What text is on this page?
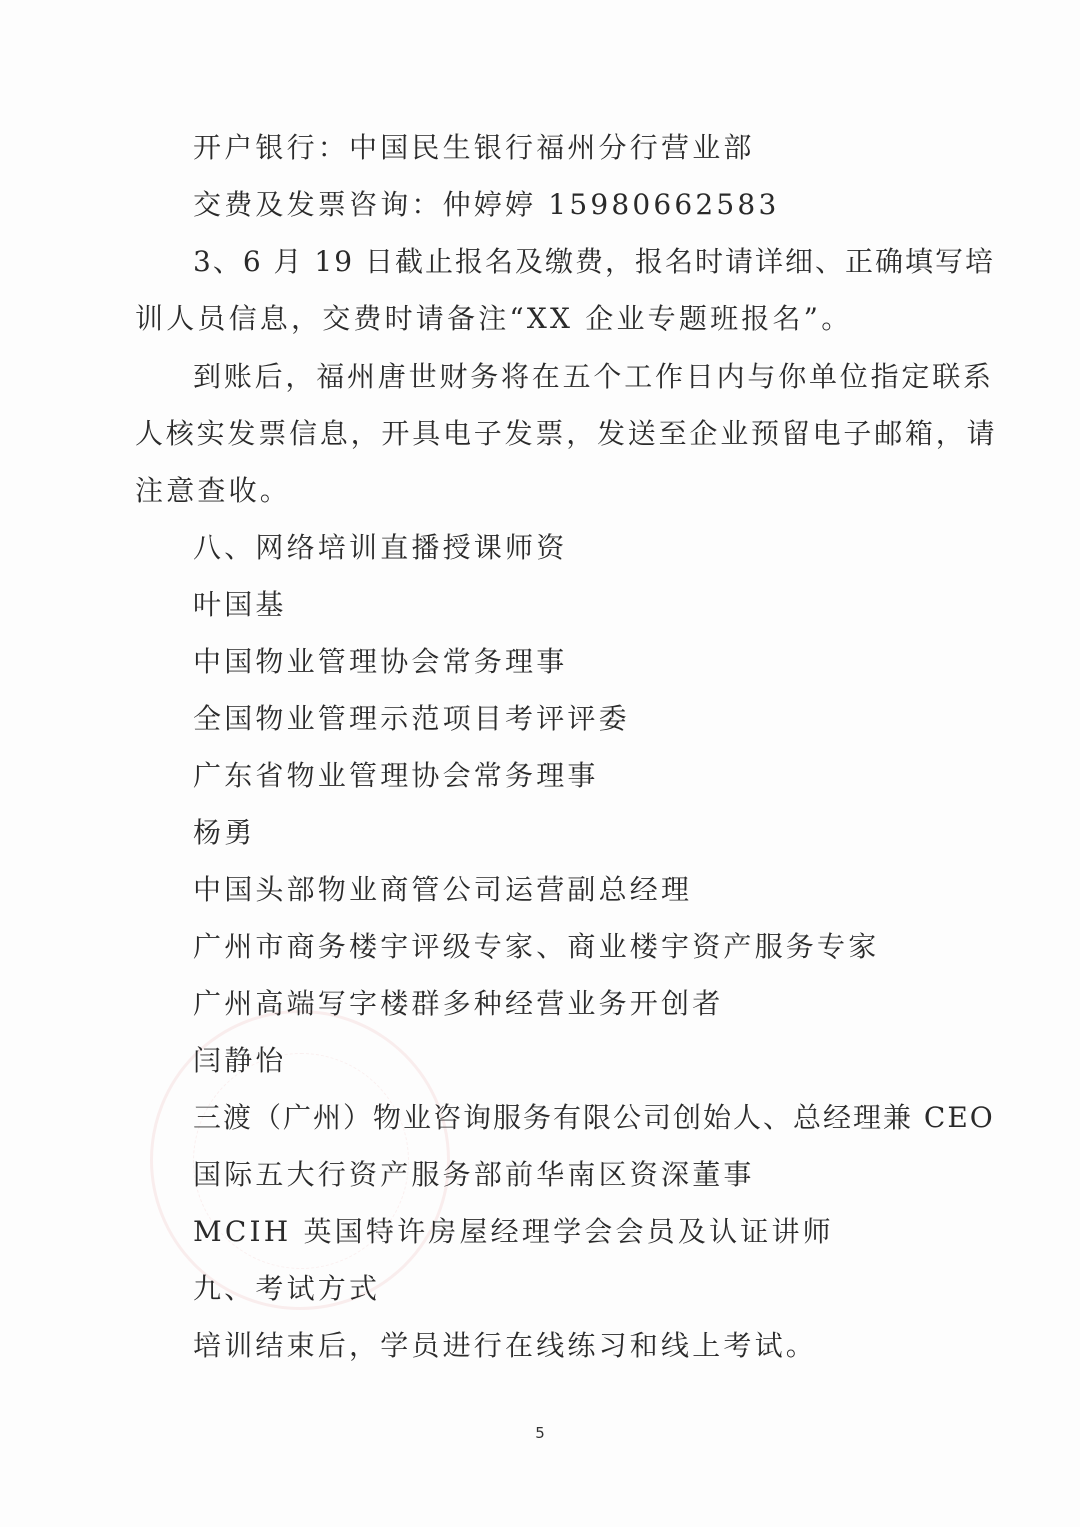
开户银行：中国民生银行福州分行营业部
交费及发票咨询：仲婷婷 15980662583
3、6 月 19 日截止报名及缴费，报名时请详细、正确填写培
训人员信息，交费时请备注“XX 企业专题班报名”。
到账后，福州唐世财务将在五个工作日内与你单位指定联系
人核实发票信息，开具电子发票，发送至企业预留电子邮箱，请
注意查收。
八、网络培训直播授课师资
叶国基
中国物业管理协会常务理事
全国物业管理示范项目考评评委
广东省物业管理协会常务理事
杨勇
中国头部物业商管公司运营副总经理
广州市商务楼宇评级专家、商业楼宇资产服务专家
广州高端写字楼群多种经营业务开创者
闫静怡
三渡（广州）物业咨询服务有限公司创始人、总经理兼 CEO
国际五大行资产服务部前华南区资深董事
MCIH 英国特许房屋经理学会会员及认证讲师
九、考试方式
培训结束后，学员进行在线练习和线上考试。
5
